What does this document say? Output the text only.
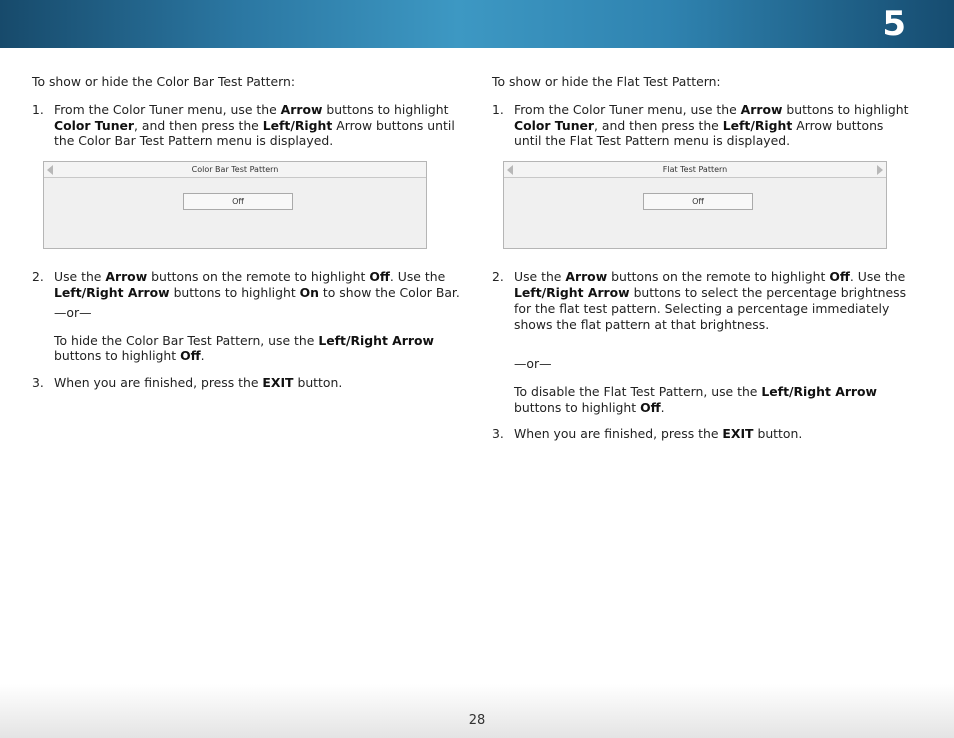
5

To show or hide the Color Bar Test Pattern:

1. From the Color Tuner menu, use the Arrow buttons to highlight Color Tuner, and then press the Left/Right Arrow buttons until the Color Bar Test Pattern menu is displayed.

Color Bar Test Pattern
Off

2. Use the Arrow buttons on the remote to highlight Off. Use the Left/Right Arrow buttons to highlight On to show the Color Bar.

—or—

To hide the Color Bar Test Pattern, use the Left/Right Arrow buttons to highlight Off.

3. When you are finished, press the EXIT button.

To show or hide the Flat Test Pattern:

1. From the Color Tuner menu, use the Arrow buttons to highlight Color Tuner, and then press the Left/Right Arrow buttons until the Flat Test Pattern menu is displayed.

Flat Test Pattern
Off

2. Use the Arrow buttons on the remote to highlight Off. Use the Left/Right Arrow buttons to select the percentage brightness for the flat test pattern. Selecting a percentage immediately shows the flat pattern at that brightness.

—or—

To disable the Flat Test Pattern, use the Left/Right Arrow buttons to highlight Off.

3. When you are finished, press the EXIT button.

28
